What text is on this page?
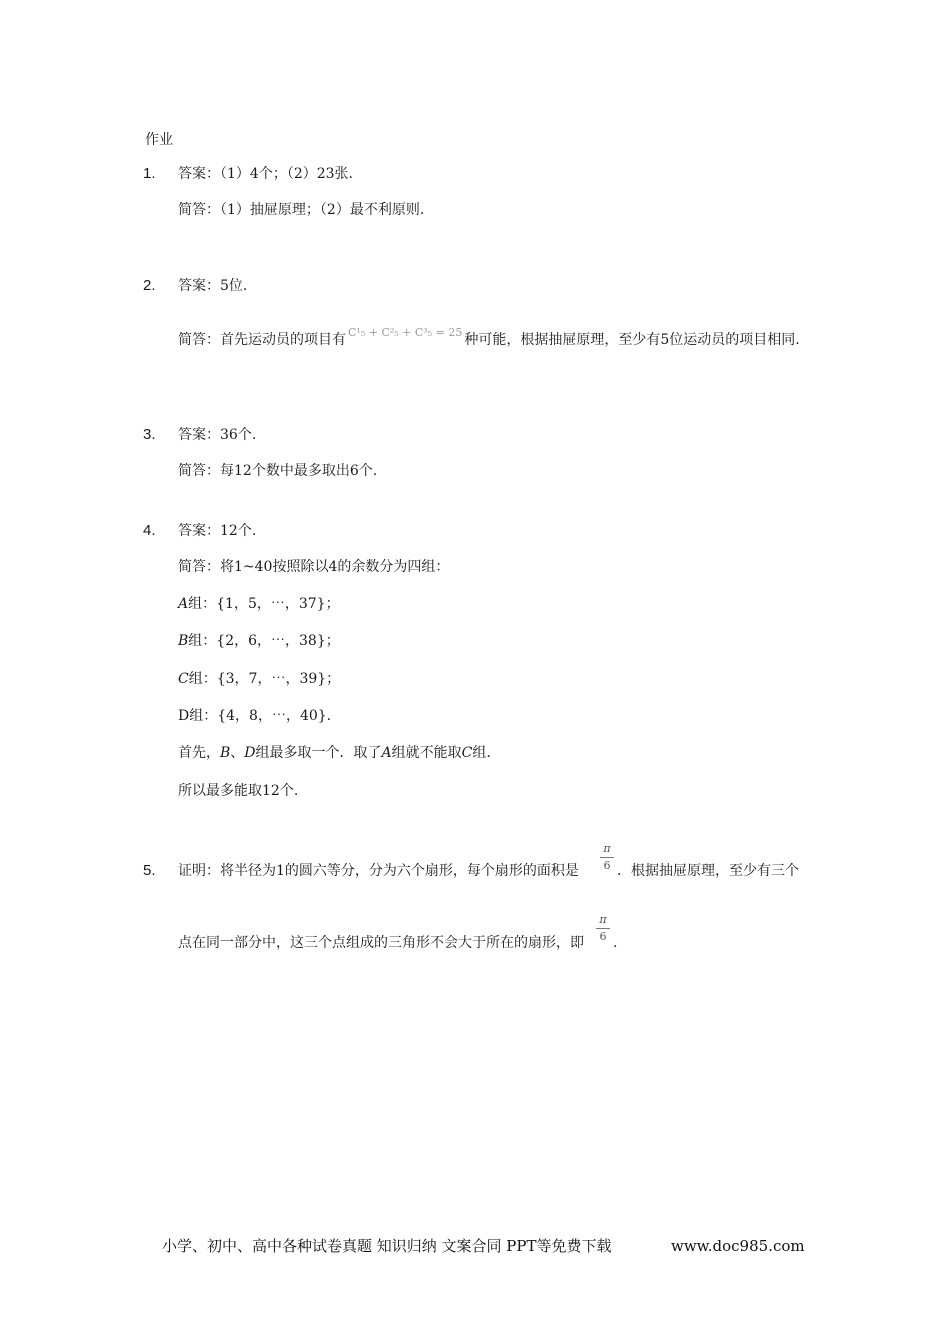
作业
1. 答案：（1）4个；（2）23张.
简答：（1）抽屉原理；（2）最不利原则.
2. 答案：5位.
简答：首先运动员的项目有 $^{C^1_5 + C^2_5 + C^3_5 = 25}$ 种可能，根据抽屉原理，至少有5位运动员的项目相同.
3. 答案：36个.
简答：每12个数中最多取出6个.
4. 答案：12个.
简答：将1~40按照除以4的余数分为四组：
A组：{1，5，⋯，37}；
B组：{2，6，⋯，38}；
C组：{3，7，⋯，39}；
D组：{4，8，⋯，40}.
首先，B、D组最多取一个．取了A组就不能取C组.
所以最多能取12个.
5. 证明：将半径为1的圆六等分，分为六个扇形，每个扇形的面积是
π
6 ．根据抽屉原理，至少有三个
点在同一部分中，这三个点组成的三角形不会大于所在的扇形，即
π
6 .
小学、初中、高中各种试卷真题 知识归纳 文案合同 PPT等免费下载	www.doc985.com
